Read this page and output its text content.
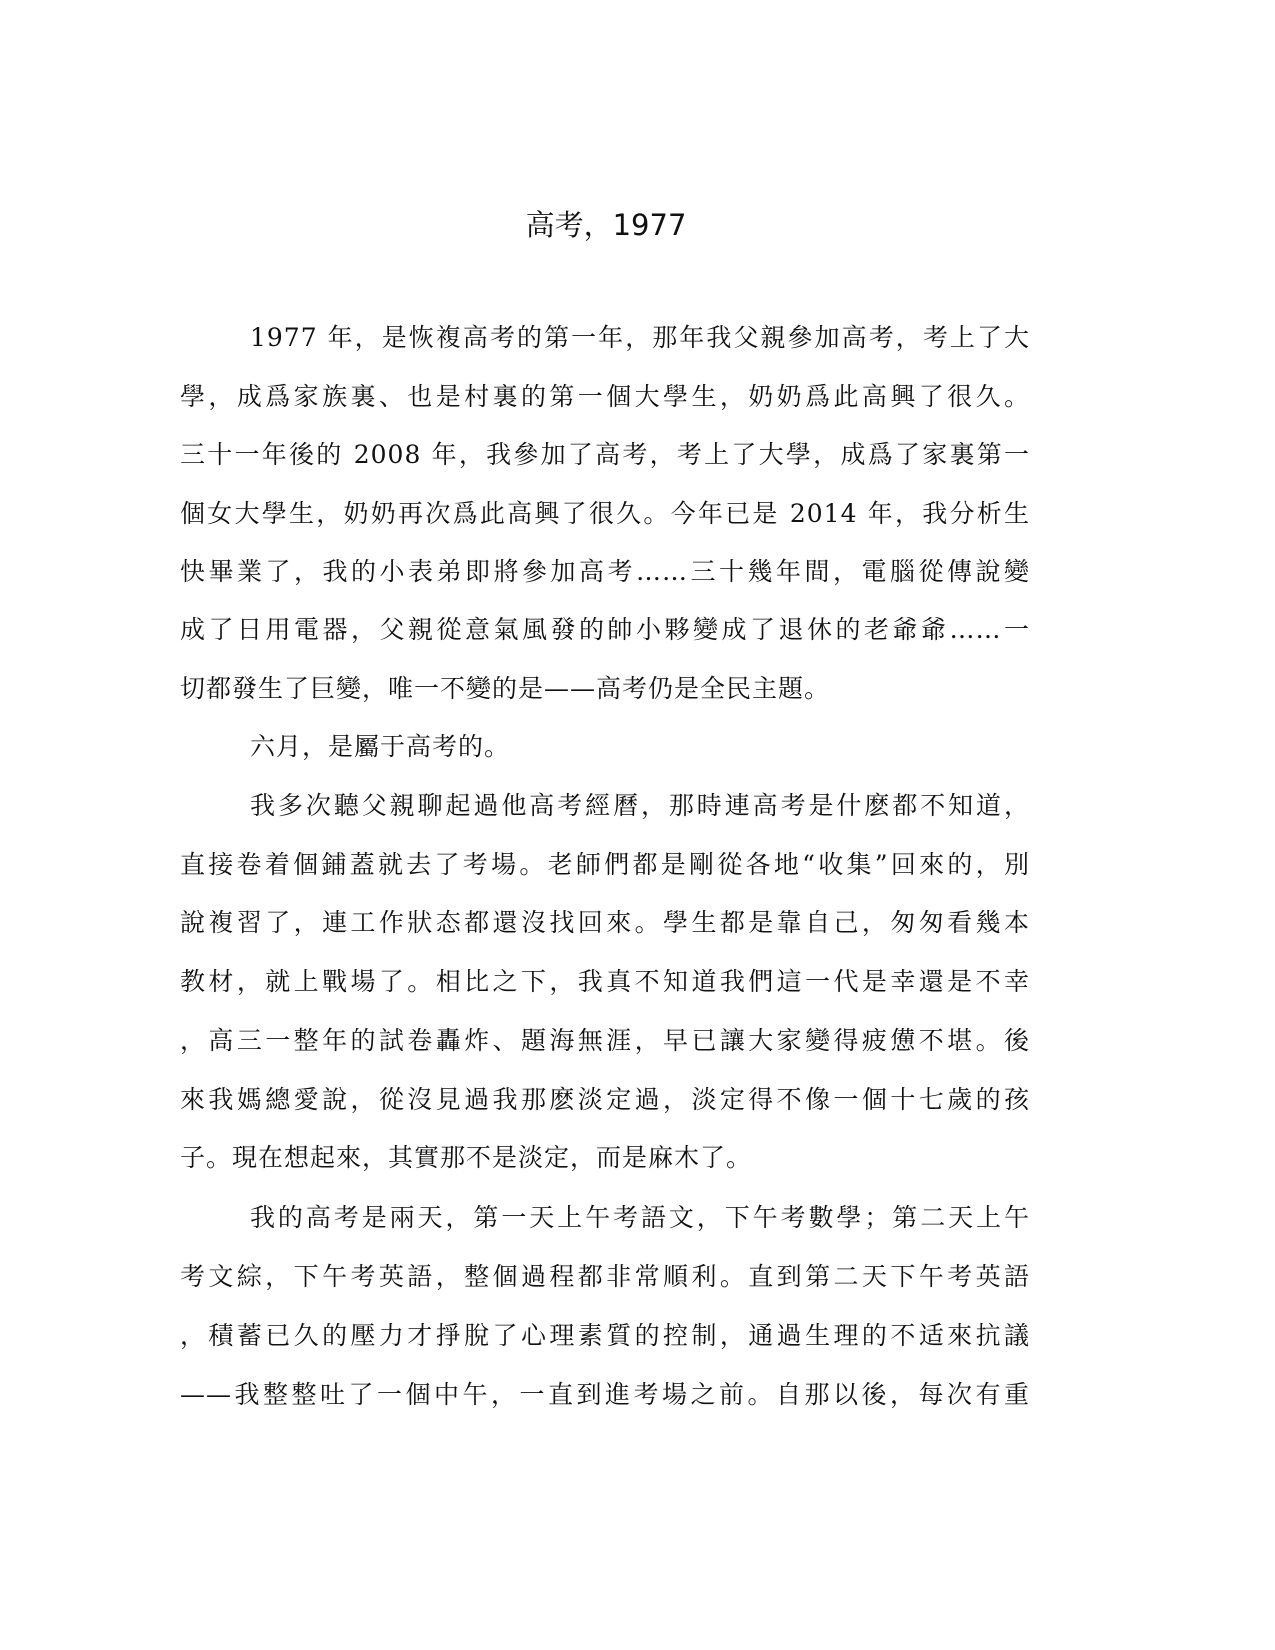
高考，1977
1977 年，是恢複高考的第一年，那年我父親參加高考，考上了大
學，成爲家族裏、也是村裏的第一個大學生，奶奶爲此高興了很久。
三十一年後的 2008 年，我參加了高考，考上了大學，成爲了家裏第一
個女大學生，奶奶再次爲此高興了很久。今年已是 2014 年，我分析生
快畢業了，我的小表弟即將參加高考……三十幾年間，電腦從傳說變
成了日用電器，父親從意氣風發的帥小夥變成了退休的老爺爺……一
切都發生了巨變，唯一不變的是——高考仍是全民主題。
六月，是屬于高考的。
我多次聽父親聊起過他高考經曆，那時連高考是什麽都不知道，
直接卷着個鋪蓋就去了考場。老師們都是剛從各地“收集”回來的，別
說複習了，連工作狀态都還沒找回來。學生都是靠自己，匆匆看幾本
教材，就上戰場了。相比之下，我真不知道我們這一代是幸還是不幸
，高三一整年的試卷轟炸、題海無涯，早已讓大家變得疲憊不堪。後
來我媽總愛說，從沒見過我那麽淡定過，淡定得不像一個十七歲的孩
子。現在想起來，其實那不是淡定，而是麻木了。
我的高考是兩天，第一天上午考語文，下午考數學；第二天上午
考文綜，下午考英語，整個過程都非常順利。直到第二天下午考英語
，積蓄已久的壓力才掙脫了心理素質的控制，通過生理的不适來抗議
——我整整吐了一個中午，一直到進考場之前。自那以後，每次有重
